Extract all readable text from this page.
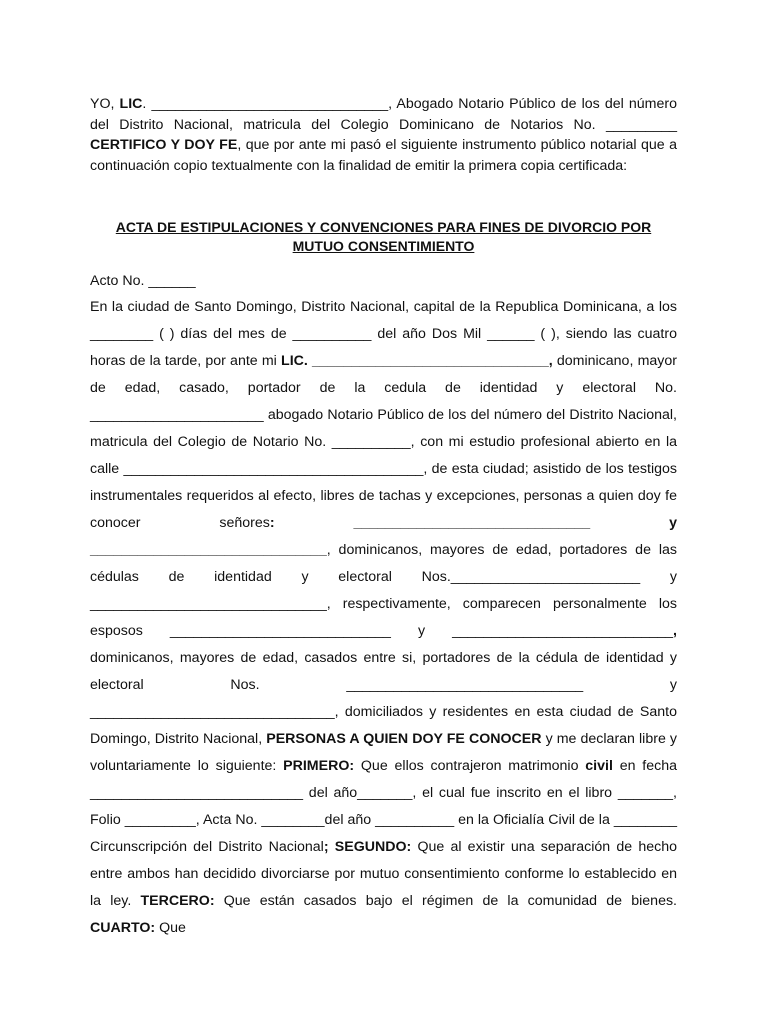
YO, LIC. ______________________________, Abogado Notario Público de los del número del Distrito Nacional, matricula del Colegio Dominicano de Notarios No. _________ CERTIFICO Y DOY FE, que por ante mi pasó el siguiente instrumento público notarial que a continuación copio textualmente con la finalidad de emitir la primera copia certificada:

ACTA DE ESTIPULACIONES Y CONVENCIONES PARA FINES DE DIVORCIO POR MUTUO CONSENTIMIENTO

Acto No. ______

En la ciudad de Santo Domingo, Distrito Nacional, capital de la Republica Dominicana, a los ________ ( ) días del mes de __________ del año Dos Mil ______ ( ), siendo las cuatro horas de la tarde, por ante mi LIC. ______________________________, dominicano, mayor de edad, casado, portador de la cedula de identidad y electoral No. ______________________ abogado Notario Público de los del número del Distrito Nacional, matricula del Colegio de Notario No. __________, con mi estudio profesional abierto en la calle ______________________________________, de esta ciudad; asistido de los testigos instrumentales requeridos al efecto, libres de tachas y excepciones, personas a quien doy fe conocer señores: ______________________________ y ______________________________, dominicanos, mayores de edad, portadores de las cédulas de identidad y electoral Nos.________________________ y ______________________________, respectivamente, comparecen personalmente los esposos ____________________________ y ____________________________, dominicanos, mayores de edad, casados entre si, portadores de la cédula de identidad y electoral Nos. ______________________________ y _______________________________, domiciliados y residentes en esta ciudad de Santo Domingo, Distrito Nacional, PERSONAS A QUIEN DOY FE CONOCER y me declaran libre y voluntariamente lo siguiente: PRIMERO: Que ellos contrajeron matrimonio civil en fecha ___________________________ del año_______, el cual fue inscrito en el libro _______, Folio _________, Acta No. ________del año __________ en la Oficialía Civil de la ________ Circunscripción del Distrito Nacional; SEGUNDO: Que al existir una separación de hecho entre ambos han decidido divorciarse por mutuo consentimiento conforme lo establecido en la ley. TERCERO: Que están casados bajo el régimen de la comunidad de bienes. CUARTO: Que
